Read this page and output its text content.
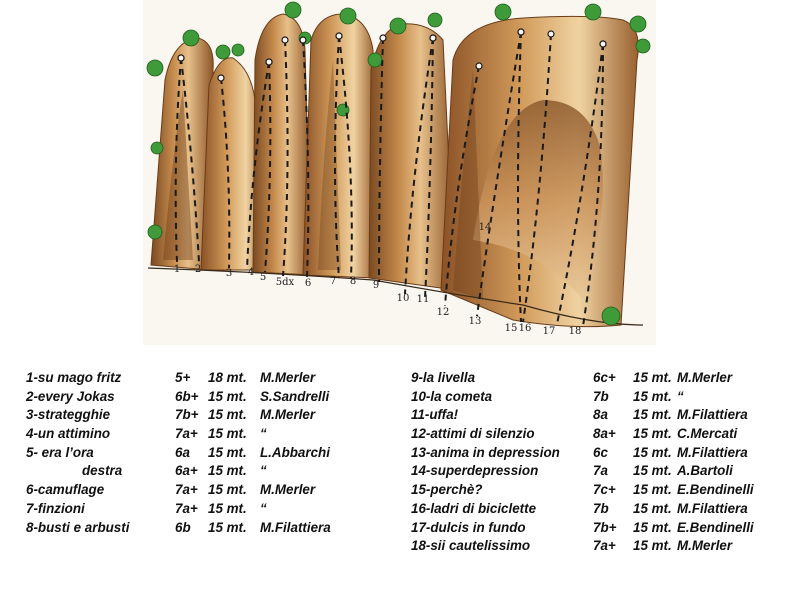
1 2 3 4 5 5dx 6 7 8 9
10 11
12
13
15 16 17 18
14
1-su mago fritz	5+ 18 mt. M.Merler
2-every Jokas	6b+ 15 mt. S.Sandrelli
3-strategghie	7b+ 15 mt. M.Merler
4-un attimino	7a+ 15 mt. “
5- era l’ora	6a 15 mt. L.Abbarchi
destra	6a+ 15 mt. “
6-camuflage	7a+ 15 mt. M.Merler
7-finzioni	7a+ 15 mt. “
8-busti e arbusti	6b 15 mt. M.Filattiera
9-la livella	6c+ 15 mt. M.Merler
10-la cometa	7b 15 mt. “
11-uffa!	8a 15 mt. M.Filattiera
12-attimi di silenzio	8a+ 15 mt. C.Mercati
13-anima in depression 6c 15 mt. M.Filattiera
14-superdepression	7a 15 mt. A.Bartoli
15-perchè?	7c+ 15 mt. E.Bendinelli
16-ladri di biciclette	7b 15 mt. M.Filattiera
17-dulcis in fundo	7b+ 15 mt. E.Bendinelli
18-sii cautelissimo	7a+ 15 mt. M.Merler
